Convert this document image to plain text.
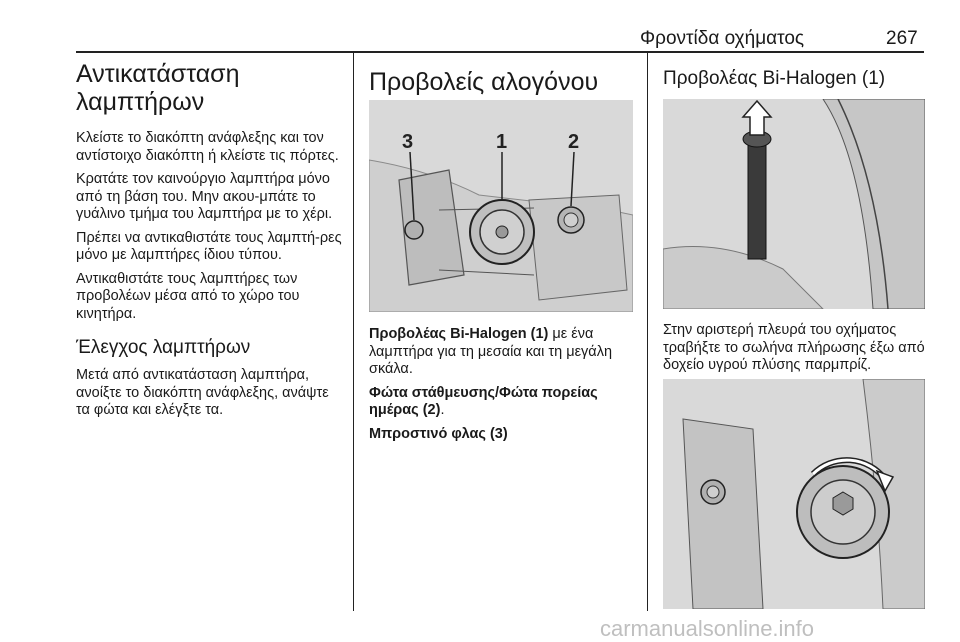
Φροντίδα οχήματος	267
Αντικατάσταση
λαμπτήρων

Κλείστε το διακόπτη ανάφλεξης και τον αντίστοιχο διακόπτη ή κλείστε τις πόρτες.

Κρατάτε τον καινούργιο λαμπτήρα μόνο από τη βάση του. Μην ακου-μπάτε το γυάλινο τμήμα του λαμπτήρα με το χέρι.

Πρέπει να αντικαθιστάτε τους λαμπτή-ρες μόνο με λαμπτήρες ίδιου τύπου.

Αντικαθιστάτε τους λαμπτήρες των προβολέων μέσα από το χώρο του κινητήρα.

Έλεγχος λαμπτήρων

Μετά από αντικατάσταση λαμπτήρα, ανοίξτε το διακόπτη ανάφλεξης, ανάψτε τα φώτα και ελέγξτε τα.

Προβολείς αλογόνου
3	1	2

Προβολέας Bi-Halogen (1) με ένα λαμπτήρα για τη μεσαία και τη μεγάλη σκάλα.

Φώτα στάθμευσης/Φώτα πορείας ημέρας (2).

Μπροστινό φλας (3)

Προβολέας Bi-Halogen (1)

Στην αριστερή πλευρά του οχήματος τραβήξτε το σωλήνα πλήρωσης έξω από δοχείο υγρού πλύσης παρμπρίζ.

carmanualsonline.info
